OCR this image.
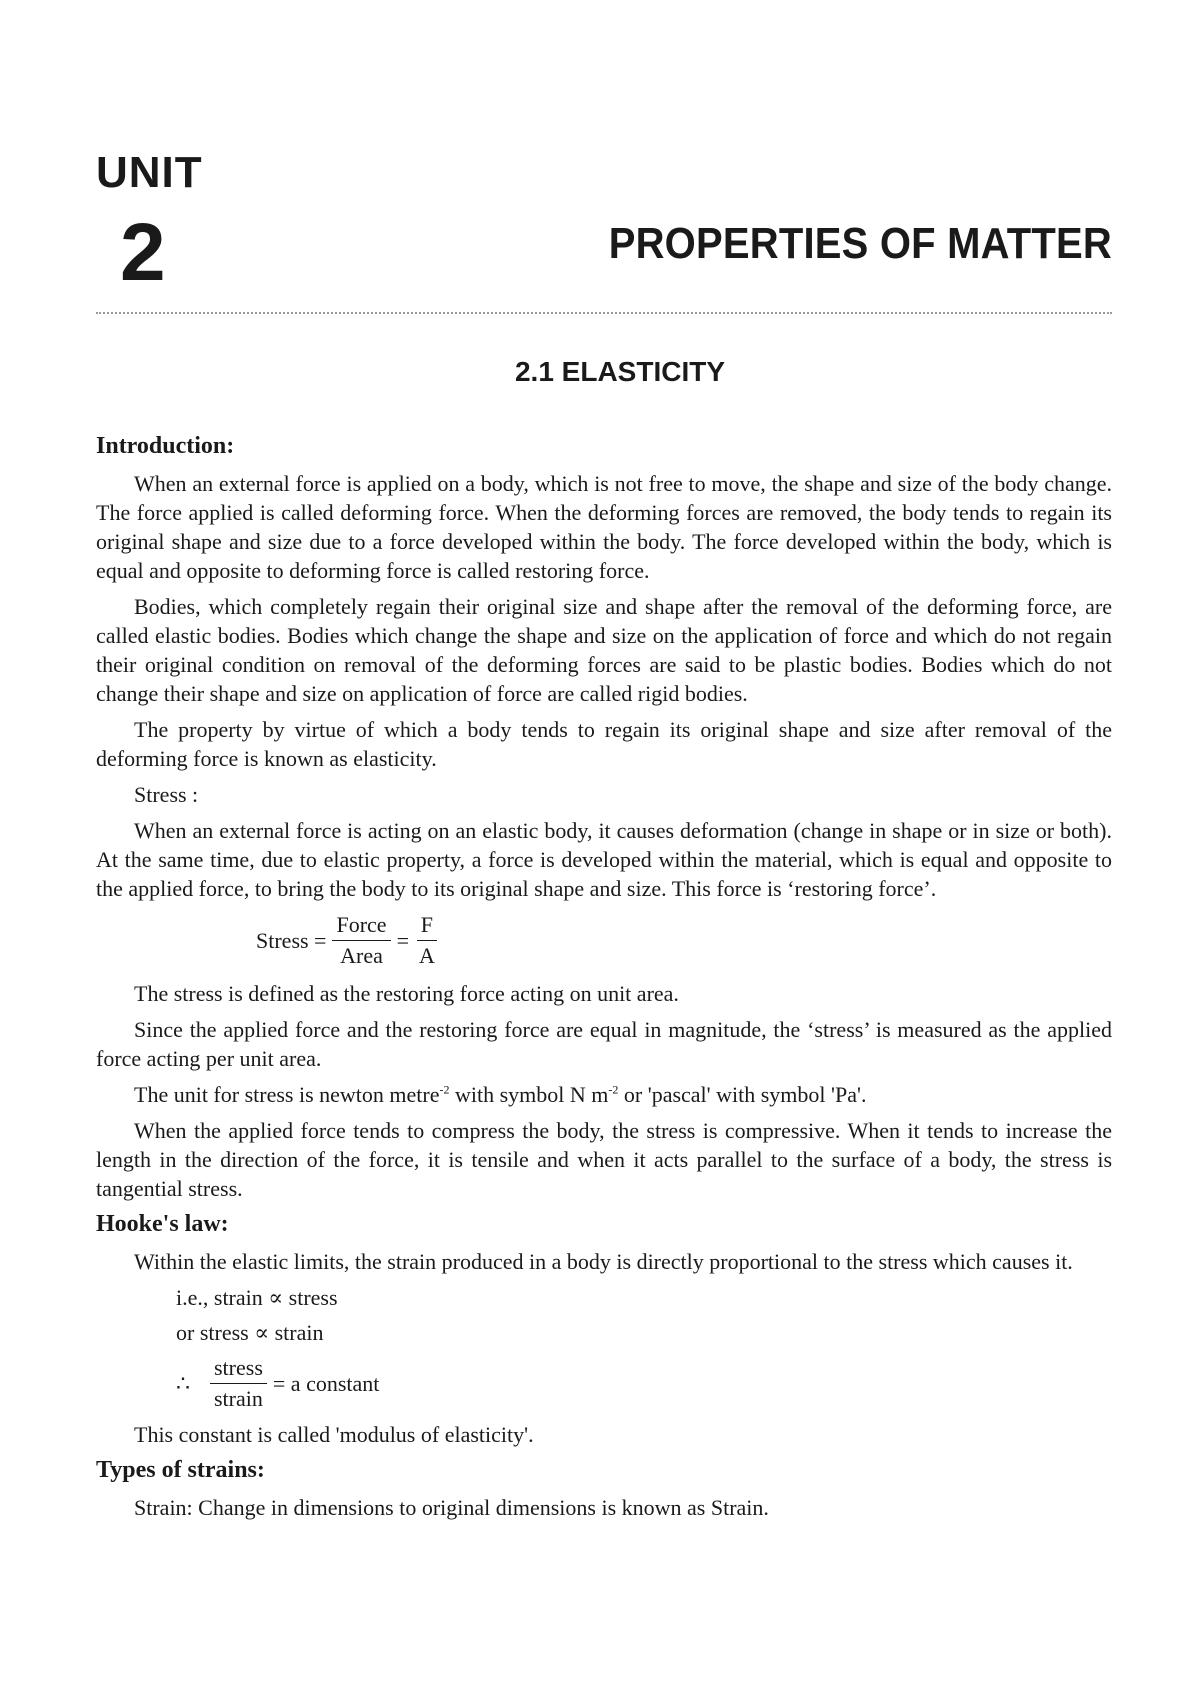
UNIT
2	PROPERTIES OF MATTER
2.1 ELASTICITY
Introduction:

When an external force is applied on a body, which is not free to move, the shape and size of the body change. The force applied is called deforming force. When the deforming forces are removed, the body tends to regain its original shape and size due to a force developed within the body. The force developed within the body, which is equal and opposite to deforming force is called restoring force.

Bodies, which completely regain their original size and shape after the removal of the deforming force, are called elastic bodies. Bodies which change the shape and size on the application of force and which do not regain their original condition on removal of the deforming forces are said to be plastic bodies. Bodies which do not change their shape and size on application of force are called rigid bodies.

The property by virtue of which a body tends to regain its original shape and size after removal of the deforming force is known as elasticity.

Stress :

When an external force is acting on an elastic body, it causes deformation (change in shape or in size or both). At the same time, due to elastic property, a force is developed within the material, which is equal and opposite to the applied force, to bring the body to its original shape and size. This force is ‘restoring force’.

Stress = $\frac{\text{Force}}{\text{Area}} = \frac{F}{A}$

The stress is defined as the restoring force acting on unit area.

Since the applied force and the restoring force are equal in magnitude, the ‘stress’ is measured as the applied force acting per unit area.

The unit for stress is newton metre$^{-2}$ with symbol N $m^{-2}$ or 'pascal' with symbol 'Pa'.

When the applied force tends to compress the body, the stress is compressive. When it tends to increase the length in the direction of the force, it is tensile and when it acts parallel to the surface of a body, the stress is tangential stress.

Hooke's law:

Within the elastic limits, the strain produced in a body is directly proportional to the stress which causes it.

i.e., strain ∝ stress
or stress ∝ strain
∴ $\frac{\text{stress}}{\text{strain}} = a$ constant

This constant is called 'modulus of elasticity'.

Types of strains:

Strain: Change in dimensions to original dimensions is known as Strain.
